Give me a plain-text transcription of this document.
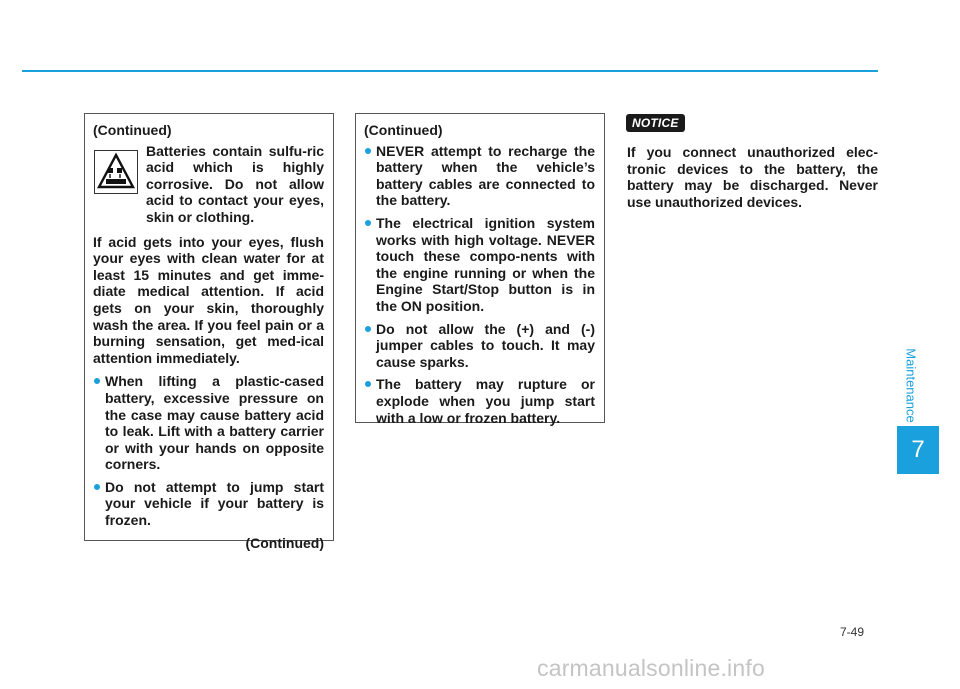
(Continued)
Batteries contain sulfu-ric acid which is highly corrosive. Do not allow acid to contact your eyes, skin or clothing.
If acid gets into your eyes, flush your eyes with clean water for at least 15 minutes and get imme-diate medical attention. If acid gets on your skin, thoroughly wash the area. If you feel pain or a burning sensation, get med-ical attention immediately.
When lifting a plastic-cased battery, excessive pressure on the case may cause battery acid to leak. Lift with a battery carrier or with your hands on opposite corners.
Do not attempt to jump start your vehicle if your battery is frozen.
(Continued)
(Continued)
NEVER attempt to recharge the battery when the vehicle’s battery cables are connected to the battery.
The electrical ignition system works with high voltage. NEVER touch these compo-nents with the engine running or when the Engine Start/Stop button is in the ON position.
Do not allow the (+) and (-) jumper cables to touch. It may cause sparks.
The battery may rupture or explode when you jump start with a low or frozen battery.
NOTICE
If you connect unauthorized elec-tronic devices to the battery, the battery may be discharged. Never use unauthorized devices.
Maintenance
7
7-49
carmanualsonline.info
